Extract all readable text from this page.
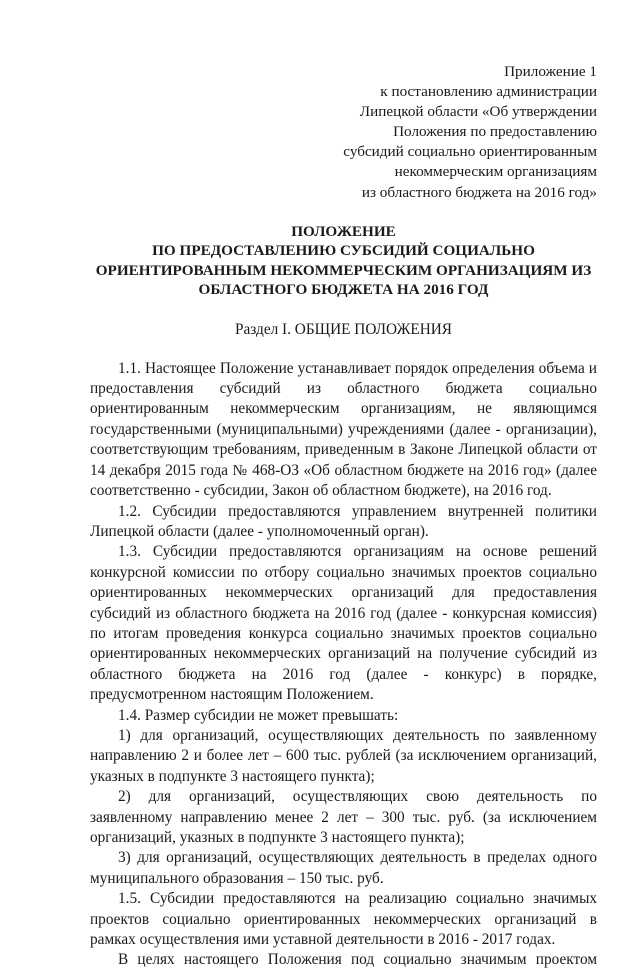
Приложение 1
к постановлению администрации
Липецкой области «Об утверждении
Положения по предоставлению
субсидий социально ориентированным
некоммерческим организациям
из областного бюджета на 2016 год»
ПОЛОЖЕНИЕ
ПО ПРЕДОСТАВЛЕНИЮ СУБСИДИЙ СОЦИАЛЬНО
ОРИЕНТИРОВАННЫМ НЕКОММЕРЧЕСКИМ ОРГАНИЗАЦИЯМ ИЗ
ОБЛАСТНОГО БЮДЖЕТА НА 2016 ГОД
Раздел I. ОБЩИЕ ПОЛОЖЕНИЯ

1.1. Настоящее Положение устанавливает порядок определения объема и предоставления субсидий из областного бюджета социально ориентированным некоммерческим организациям, не являющимся государственными (муниципальными) учреждениями (далее - организации), соответствующим требованиям, приведенным в Законе Липецкой области от 14 декабря 2015 года № 468-ОЗ «Об областном бюджете на 2016 год» (далее соответственно - субсидии, Закон об областном бюджете), на 2016 год.

1.2. Субсидии предоставляются управлением внутренней политики Липецкой области (далее - уполномоченный орган).

1.3. Субсидии предоставляются организациям на основе решений конкурсной комиссии по отбору социально значимых проектов социально ориентированных некоммерческих организаций для предоставления субсидий из областного бюджета на 2016 год (далее - конкурсная комиссия) по итогам проведения конкурса социально значимых проектов социально ориентированных некоммерческих организаций на получение субсидий из областного бюджета на 2016 год (далее - конкурс) в порядке, предусмотренном настоящим Положением.

1.4. Размер субсидии не может превышать:

1) для организаций, осуществляющих деятельность по заявленному направлению 2 и более лет – 600 тыс. рублей (за исключением организаций, указных в подпункте 3 настоящего пункта);

2) для организаций, осуществляющих свою деятельность по заявленному направлению менее 2 лет – 300 тыс. руб. (за исключением организаций, указных в подпункте 3 настоящего пункта);

3) для организаций, осуществляющих деятельность в пределах одного муниципального образования – 150 тыс. руб.

1.5. Субсидии предоставляются на реализацию социально значимых проектов социально ориентированных некоммерческих организаций в рамках осуществления ими уставной деятельности в 2016 - 2017 годах.

В целях настоящего Положения под социально значимым проектом
